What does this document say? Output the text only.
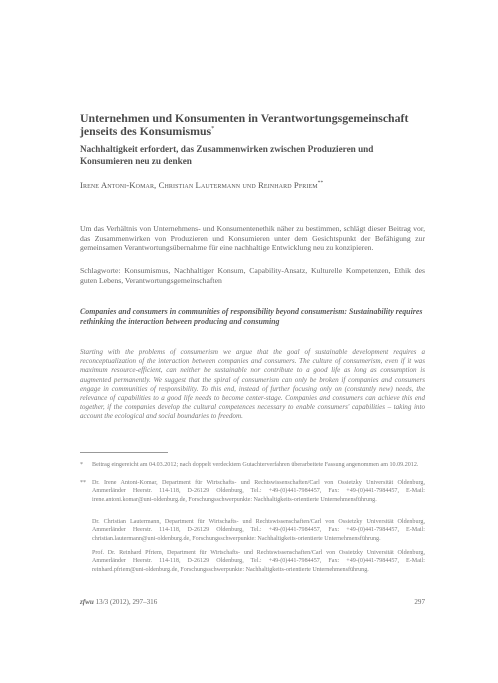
Unternehmen und Konsumenten in Verantwortungsgemeinschaft jenseits des Konsumismus*
Nachhaltigkeit erfordert, das Zusammenwirken zwischen Produzieren und Konsumieren neu zu denken
Irene Antoni-Komar, Christian Lautermann und Reinhard Pfriem**
Um das Verhältnis von Unternehmens- und Konsumentenethik näher zu bestimmen, schlägt dieser Beitrag vor, das Zusammenwirken von Produzieren und Konsumieren unter dem Gesichtspunkt der Befähigung zur gemeinsamen Verantwortungsübernahme für eine nachhaltige Entwicklung neu zu konzipieren.
Schlagworte: Konsumismus, Nachhaltiger Konsum, Capability-Ansatz, Kulturelle Kompetenzen, Ethik des guten Lebens, Verantwortungsgemeinschaften
Companies and consumers in communities of responsibility beyond consumerism: Sustainability requires rethinking the interaction between producing and consuming
Starting with the problems of consumerism we argue that the goal of sustainable development requires a reconceptualization of the interaction between companies and consumers. The culture of consumerism, even if it was maximum resource-efficient, can neither be sustainable nor contribute to a good life as long as consumption is augmented permanently. We suggest that the spiral of consumerism can only be broken if companies and consumers engage in communities of responsibility. To this end, instead of further focusing only on (constantly new) needs, the relevance of capabilities to a good life needs to become center-stage. Companies and consumers can achieve this end together, if the companies develop the cultural competences necessary to enable consumers' capabilities – taking into account the ecological and social boundaries to freedom.
*	Beitrag eingereicht am 04.03.2012; nach doppelt verdecktem Gutachterverfahren überarbeitete Fassung angenommen am 10.09.2012.
** Dr. Irene Antoni-Komar, Department für Wirtschafts- und Rechtswissenschaften/Carl von Ossietzky Universität Oldenburg, Ammerländer Heerstr. 114-118, D-26129 Oldenburg, Tel.: +49-(0)441-7984457, Fax: +49-(0)441-7984457, E-Mail: irene.antoni.komar@uni-oldenburg.de, Forschungsschwerpunkte: Nachhaltigkeits-orientierte Unternehmensführung.
Dr. Christian Lautermann, Department für Wirtschafts- und Rechtswissenschaften/Carl von Ossietzky Universität Oldenburg, Ammerländer Heerstr. 114-118, D-26129 Oldenburg, Tel.: +49-(0)441-7984457, Fax: +49-(0)441-7984457, E-Mail: christian.lautermann@uni-oldenburg.de, Forschungsschwerpunkte: Nachhaltigkeits-orientierte Unternehmensführung.
Prof. Dr. Reinhard Pfriem, Department für Wirtschafts- und Rechtswissenschaften/Carl von Ossietzky Universität Oldenburg, Ammerländer Heerstr. 114-118, D-26129 Oldenburg, Tel.: +49-(0)441-7984457, Fax: +49-(0)441-7984457, E-Mail: reinhard.pfriem@uni-oldenburg.de, Forschungsschwerpunkte: Nachhaltigkeits-orientierte Unternehmensführung.
zfwu 13/3 (2012), 297–316	297
